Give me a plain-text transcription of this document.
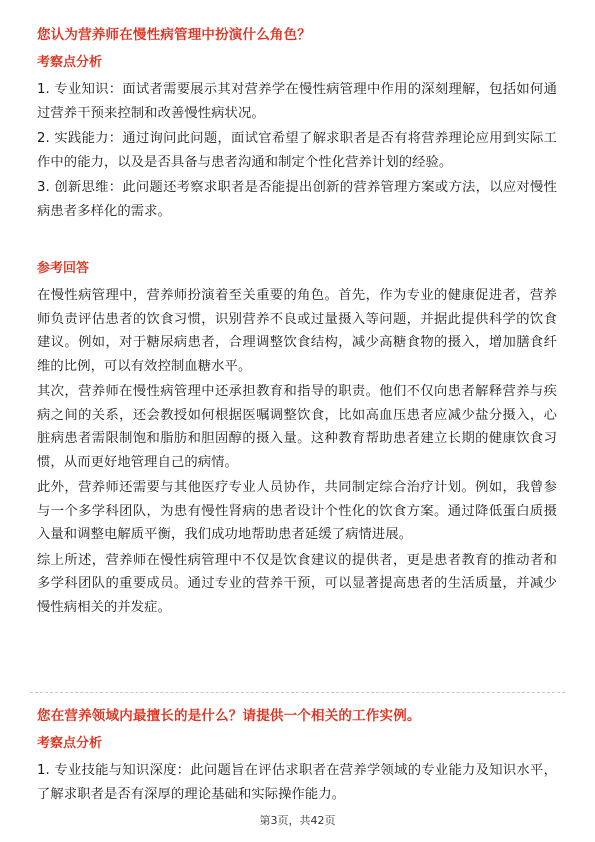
您认为营养师在慢性病管理中扮演什么角色？
考察点分析
1. 专业知识：面试者需要展示其对营养学在慢性病管理中作用的深刻理解，包括如何通过营养干预来控制和改善慢性病状况。
2. 实践能力：通过询问此问题，面试官希望了解求职者是否有将营养理论应用到实际工作中的能力，以及是否具备与患者沟通和制定个性化营养计划的经验。
3. 创新思维：此问题还考察求职者是否能提出创新的营养管理方案或方法，以应对慢性病患者多样化的需求。
参考回答
在慢性病管理中，营养师扮演着至关重要的角色。首先，作为专业的健康促进者，营养师负责评估患者的饮食习惯，识别营养不良或过量摄入等问题，并据此提供科学的饮食建议。例如，对于糖尿病患者，合理调整饮食结构，减少高糖食物的摄入，增加膳食纤维的比例，可以有效控制血糖水平。
其次，营养师在慢性病管理中还承担教育和指导的职责。他们不仅向患者解释营养与疾病之间的关系，还会教授如何根据医嘱调整饮食，比如高血压患者应减少盐分摄入，心脏病患者需限制饱和脂肪和胆固醇的摄入量。这种教育帮助患者建立长期的健康饮食习惯，从而更好地管理自己的病情。
此外，营养师还需要与其他医疗专业人员协作，共同制定综合治疗计划。例如，我曾参与一个多学科团队，为患有慢性肾病的患者设计个性化的饮食方案。通过降低蛋白质摄入量和调整电解质平衡，我们成功地帮助患者延缓了病情进展。
综上所述，营养师在慢性病管理中不仅是饮食建议的提供者，更是患者教育的推动者和多学科团队的重要成员。通过专业的营养干预，可以显著提高患者的生活质量，并减少慢性病相关的并发症。
您在营养领域内最擅长的是什么？请提供一个相关的工作实例。
考察点分析
1. 专业技能与知识深度：此问题旨在评估求职者在营养学领域的专业能力及知识水平，了解求职者是否有深厚的理论基础和实际操作能力。
第3页，共42页
